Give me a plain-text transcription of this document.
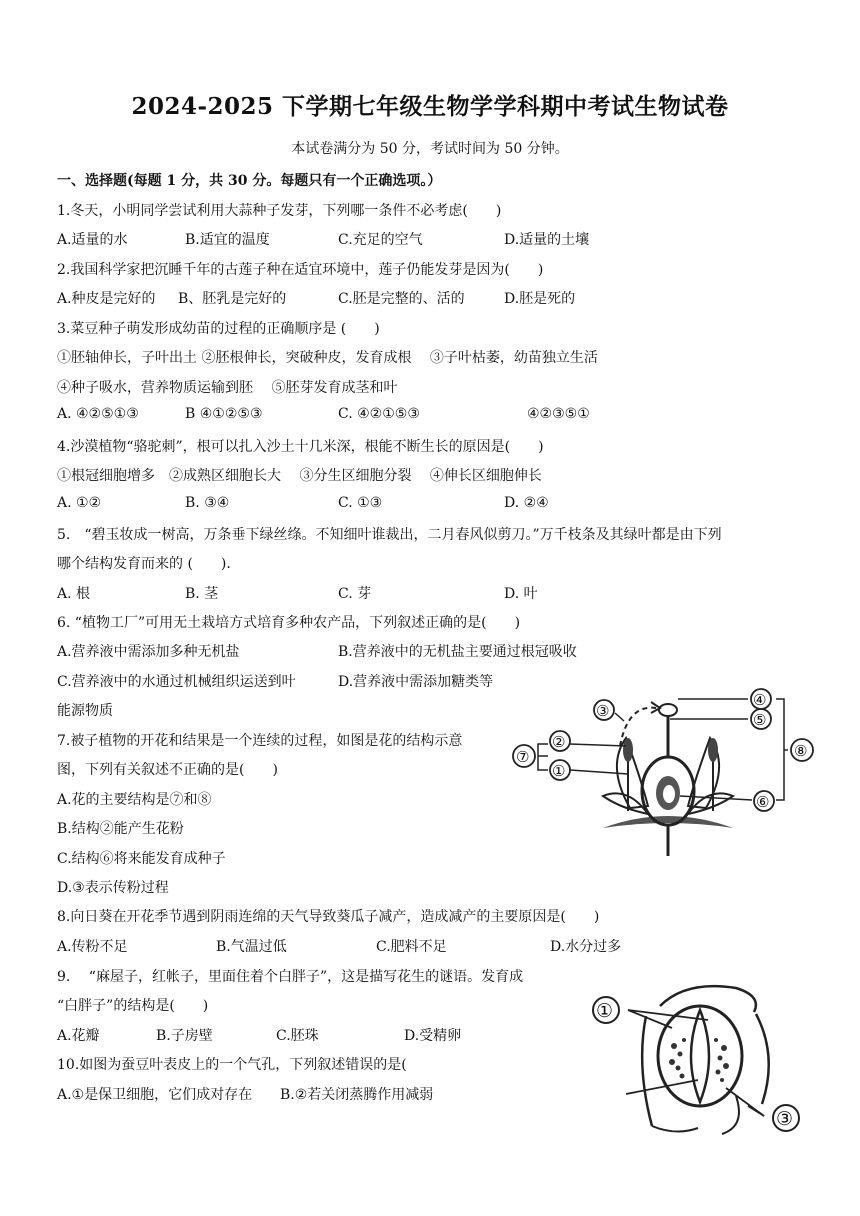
2024-2025 下学期七年级生物学学科期中考试生物试卷
本试卷满分为 50 分，考试时间为 50 分钟。
一、选择题(每题 1 分，共 30 分。每题只有一个正确选项。）
1.冬天，小明同学尝试利用大蒜种子发芽，下列哪一条件不必考虑(　　)
A.适量的水	B.适宜的温度	C.充足的空气	D.适量的土壤
2.我国科学家把沉睡千年的古莲子种在适宜环境中，莲子仍能发芽是因为(　　)
A.种皮是完好的 B、胚乳是完好的	C.胚是完整的、活的	D.胚是死的
3.菜豆种子萌发形成幼苗的过程的正确顺序是 (　　)
①胚轴伸长，子叶出土 ②胚根伸长，突破种皮，发育成根　 ③子叶枯萎，幼苗独立生活
④种子吸水，营养物质运输到胚　 ⑤胚芽发育成茎和叶
A. ④②⑤①③	B ④①②⑤③	C. ④②①⑤③	④②③⑤①
4.沙漠植物“骆驼刺”，根可以扎入沙土十几米深，根能不断生长的原因是(　　)
①根冠细胞增多　②成熟区细胞长大　 ③分生区细胞分裂　 ④伸长区细胞伸长
A. ①②	B. ③④	C. ①③	D. ②④
5.　“碧玉妆成一树高，万条垂下绿丝绦。不知细叶谁裁出，二月春风似剪刀。”万千枝条及其绿叶都是由下列
哪个结构发育而来的 (　　).
A. 根	B. 茎	C. 芽	D. 叶
6. “植物工厂”可用无土栽培方式培育多种农产品，下列叙述正确的是(　　)
A.营养液中需添加多种无机盐	B.营养液中的无机盐主要通过根冠吸收
C.营养液中的水通过机械组织运送到叶	D.营养液中需添加糖类等
能源物质
7.被子植物的开花和结果是一个连续的过程，如图是花的结构示意
图，下列有关叙述不正确的是(　　)
A.花的主要结构是⑦和⑧
B.结构②能产生花粉
C.结构⑥将来能发育成种子
D.③表示传粉过程
③
②
①
⑦
④
⑤
⑥
⑧
8.向日葵在开花季节遇到阴雨连绵的天气导致葵瓜子减产，造成减产的主要原因是(　　)
A.传粉不足	B.气温过低	C.肥料不足	D.水分过多
9.　 “麻屋子，红帐子，里面住着个白胖子”，这是描写花生的谜语。发育成
“白胖子”的结构是(　　)
A.花瓣	B.子房壁	C.胚珠	D.受精卵
10.如图为蚕豆叶表皮上的一个气孔，下列叙述错误的是(
A.①是保卫细胞，它们成对存在 B.②若关闭蒸腾作用减弱
①
③
